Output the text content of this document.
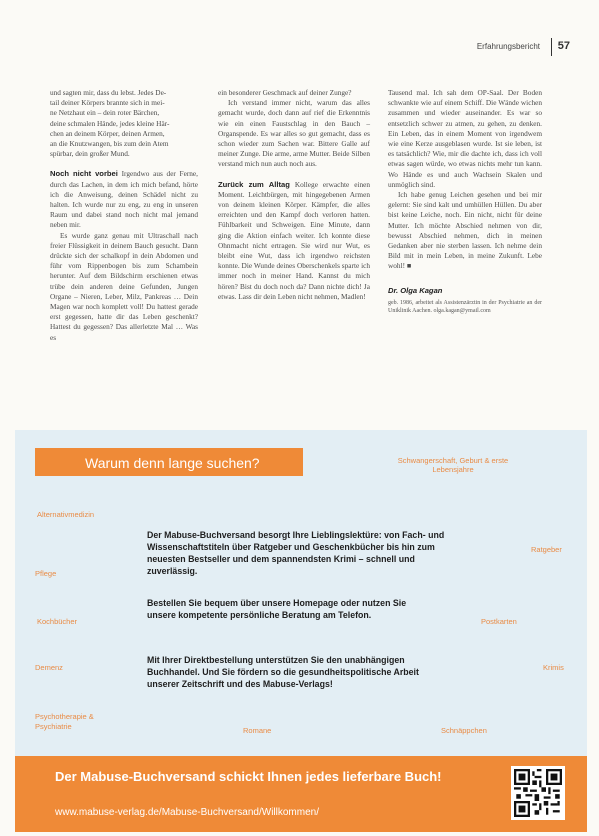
Erfahrungsbericht 57

und sagten mir, dass du lebst. Jedes De-

tail deiner Körpers brannte sich in mei-

ne Netzhaut ein – dein roter Bärchen,

deine schmalen Hände, jedes kleine Här-

chen an deinem Körper, deinen Armen,

an die Knutzwangen, bis zum dein Atem

spürbar, dein großer Mund.

Noch nicht vorbei Irgendwo aus der Ferne, durch das Lachen, in dem ich mich befand, hörte ich die Anweisung, deinen Schädel nicht zu halten. Ich wurde nur zu eng, zu eng in unseren Raum und dabei stand noch nicht mal jemand neben mir.

Es wurde ganz genau mit Ultraschall nach freier Flüssigkeit in deinem Bauch gesucht. Dann drückte sich der schalkopf in dein Abdomen und führ vom Rippenbogen bis zum Schambein herunter. Auf dem Bildschirm erschienen etwas trübe dein anderen deine Gefunden, Jungen Organe – Nieren, Leber, Milz, Pankreas … Dein Magen war noch komplett voll! Du hattest gerade erst gegessen, hatte dir das Leben geschenkt? Hattest du gegessen? Das allerletzte Mal … Was es

ein besonderer Geschmack auf deiner Zunge?

Ich verstand immer nicht, warum das alles gemacht wurde, doch dann auf rief die Erkenntnis wie ein einen Faustschlag in den Bauch – Organspende. Es war alles so gut gemacht, dass es schon wieder zum Sachen war. Bittere Galle auf meiner Zunge. Die arme, arme Mutter. Beide Silben verstand mich nun auch noch aus.

Zurück zum Alltag Kollege erwachte einen Moment. Leichtbürgen, mit hingegebenen Armen von deinem kleinen Körper. Kämpfer, die alles erreichten und den Kampf doch verloren hatten. Fühlbarkeit und Schweigen. Eine Minute, dann ging die Aktion einfach weiter. Ich konnte diese Ohnmacht nicht ertragen. Sie wird nur Wut, es bleibt eine Wut, dass ich irgendwo reichsten konnte. Die Wunde deines Oberschenkels sparte ich immer noch in meiner Hand. Kannst du mich hören? Bist du doch noch da? Dann nichte dich! Ja etwas. Lass dir dein Leben nicht nehmen, Madlen!

Tausend mal. Ich sah dem OP-Saal. Der Boden schwankte wie auf einem Schiff. Die Wände wichen zusammen und wieder auseinander. Es war so entsetzlich schwer zu atmen, zu gehen, zu denken. Ein Leben, das in einem Moment von irgendwem wie eine Kerze ausgeblasen wurde. Ist sie leben, ist es tatsächlich? Wie, mir die dachte ich, dass ich voll etwas sagen würde, wo etwas nichts mehr tun kann. Wo Hände es und auch Wachsein Skalen und unmöglich sind.

Ich habe genug Leichen gesehen und bei mir gelernt: Sie sind kalt und umhüllen Hüllen. Du aber bist keine Leiche, noch. Ein nicht, nicht für deine Mutter. Ich möchte Abschied nehmen von dir, bewusst Abschied nehmen, dich in meinen Gedanken aber nie sterben lassen. Ich nehme dein Bild mit in mein Leben, in meine Zukunft. Lebe wohl! ■

Dr. Olga Kagan

geb. 1986, arbeitet als Assistenzärztin in der Psychiatrie an der Uniklinik Aachen. olga.kagan@ymail.com

Warum denn lange suchen?	Schwangerschaft, Geburt & erste Lebensjahre
Alternativmedizin
Ratgeber
Pflege
Kochbücher	Postkarten
Demenz	Krimis
Psychotherapie & Psychiatrie	Romane	Schnäppchen

Der Mabuse-Buchversand besorgt Ihre Lieblingslektüre: von Fach- und Wissenschaftstiteln über Ratgeber und Geschenkbücher bis hin zum neuesten Bestseller und dem spannendsten Krimi – schnell und zuverlässig.

Bestellen Sie bequem über unsere Homepage oder nutzen Sie unsere kompetente persönliche Beratung am Telefon.

Mit Ihrer Direktbestellung unterstützen Sie den unabhängigen Buchhandel. Und Sie fördern so die gesundheitspolitische Arbeit unserer Zeitschrift und des Mabuse-Verlags!

Der Mabuse-Buchversand schickt Ihnen jedes lieferbare Buch!
www.mabuse-verlag.de/Mabuse-Buchversand/Willkommen/
